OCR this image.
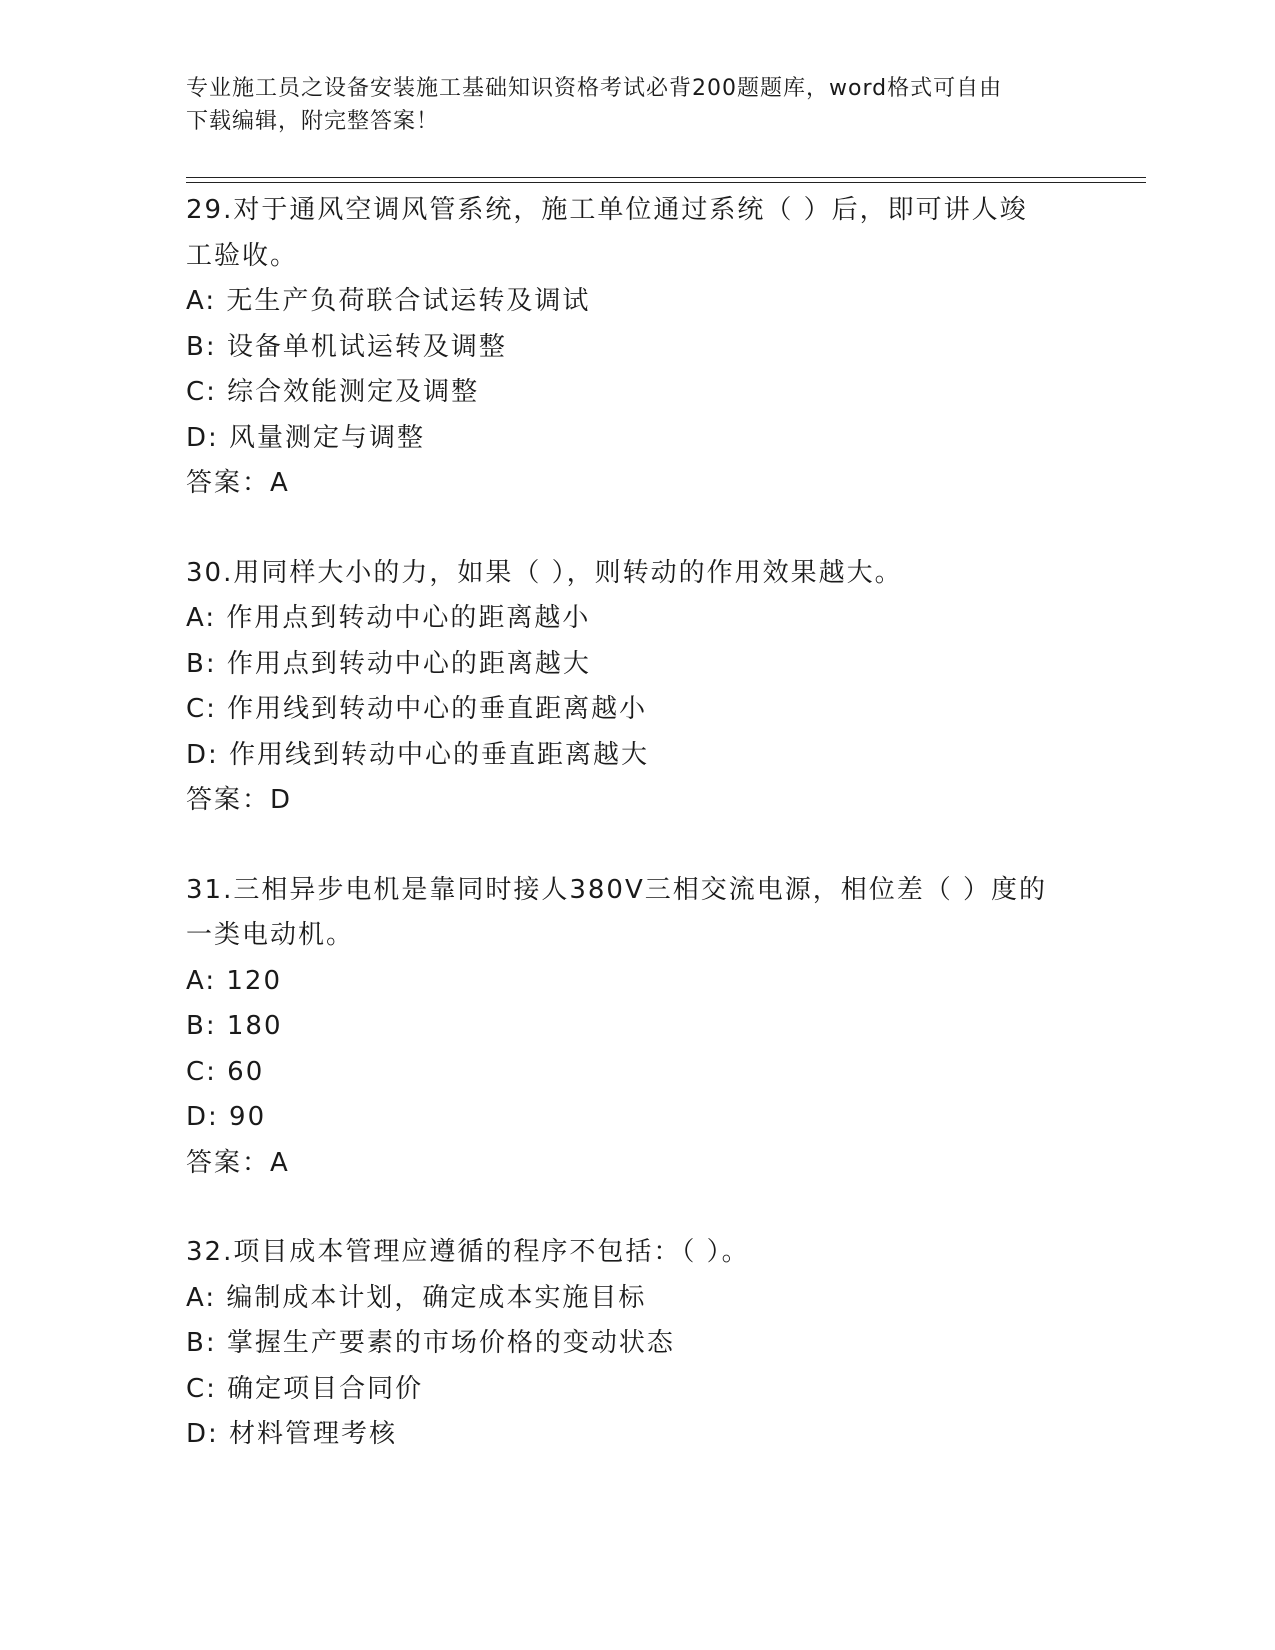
专业施工员之设备安装施工基础知识资格考试必背200题题库，word格式可自由

下载编辑，附完整答案！

29.对于通风空调风管系统，施工单位通过系统（ ）后，即可讲人竣

工验收。

A: 无生产负荷联合试运转及调试

B: 设备单机试运转及调整

C: 综合效能测定及调整

D: 风量测定与调整

答案：A

30.用同样大小的力，如果（ ），则转动的作用效果越大。

A: 作用点到转动中心的距离越小

B: 作用点到转动中心的距离越大

C: 作用线到转动中心的垂直距离越小

D: 作用线到转动中心的垂直距离越大

答案：D

31.三相异步电机是靠同时接人380V三相交流电源，相位差（ ）度的

一类电动机。

A: 120

B: 180

C: 60

D: 90

答案：A

32.项目成本管理应遵循的程序不包括：（ ）。

A: 编制成本计划，确定成本实施目标

B: 掌握生产要素的市场价格的变动状态

C: 确定项目合同价

D: 材料管理考核
